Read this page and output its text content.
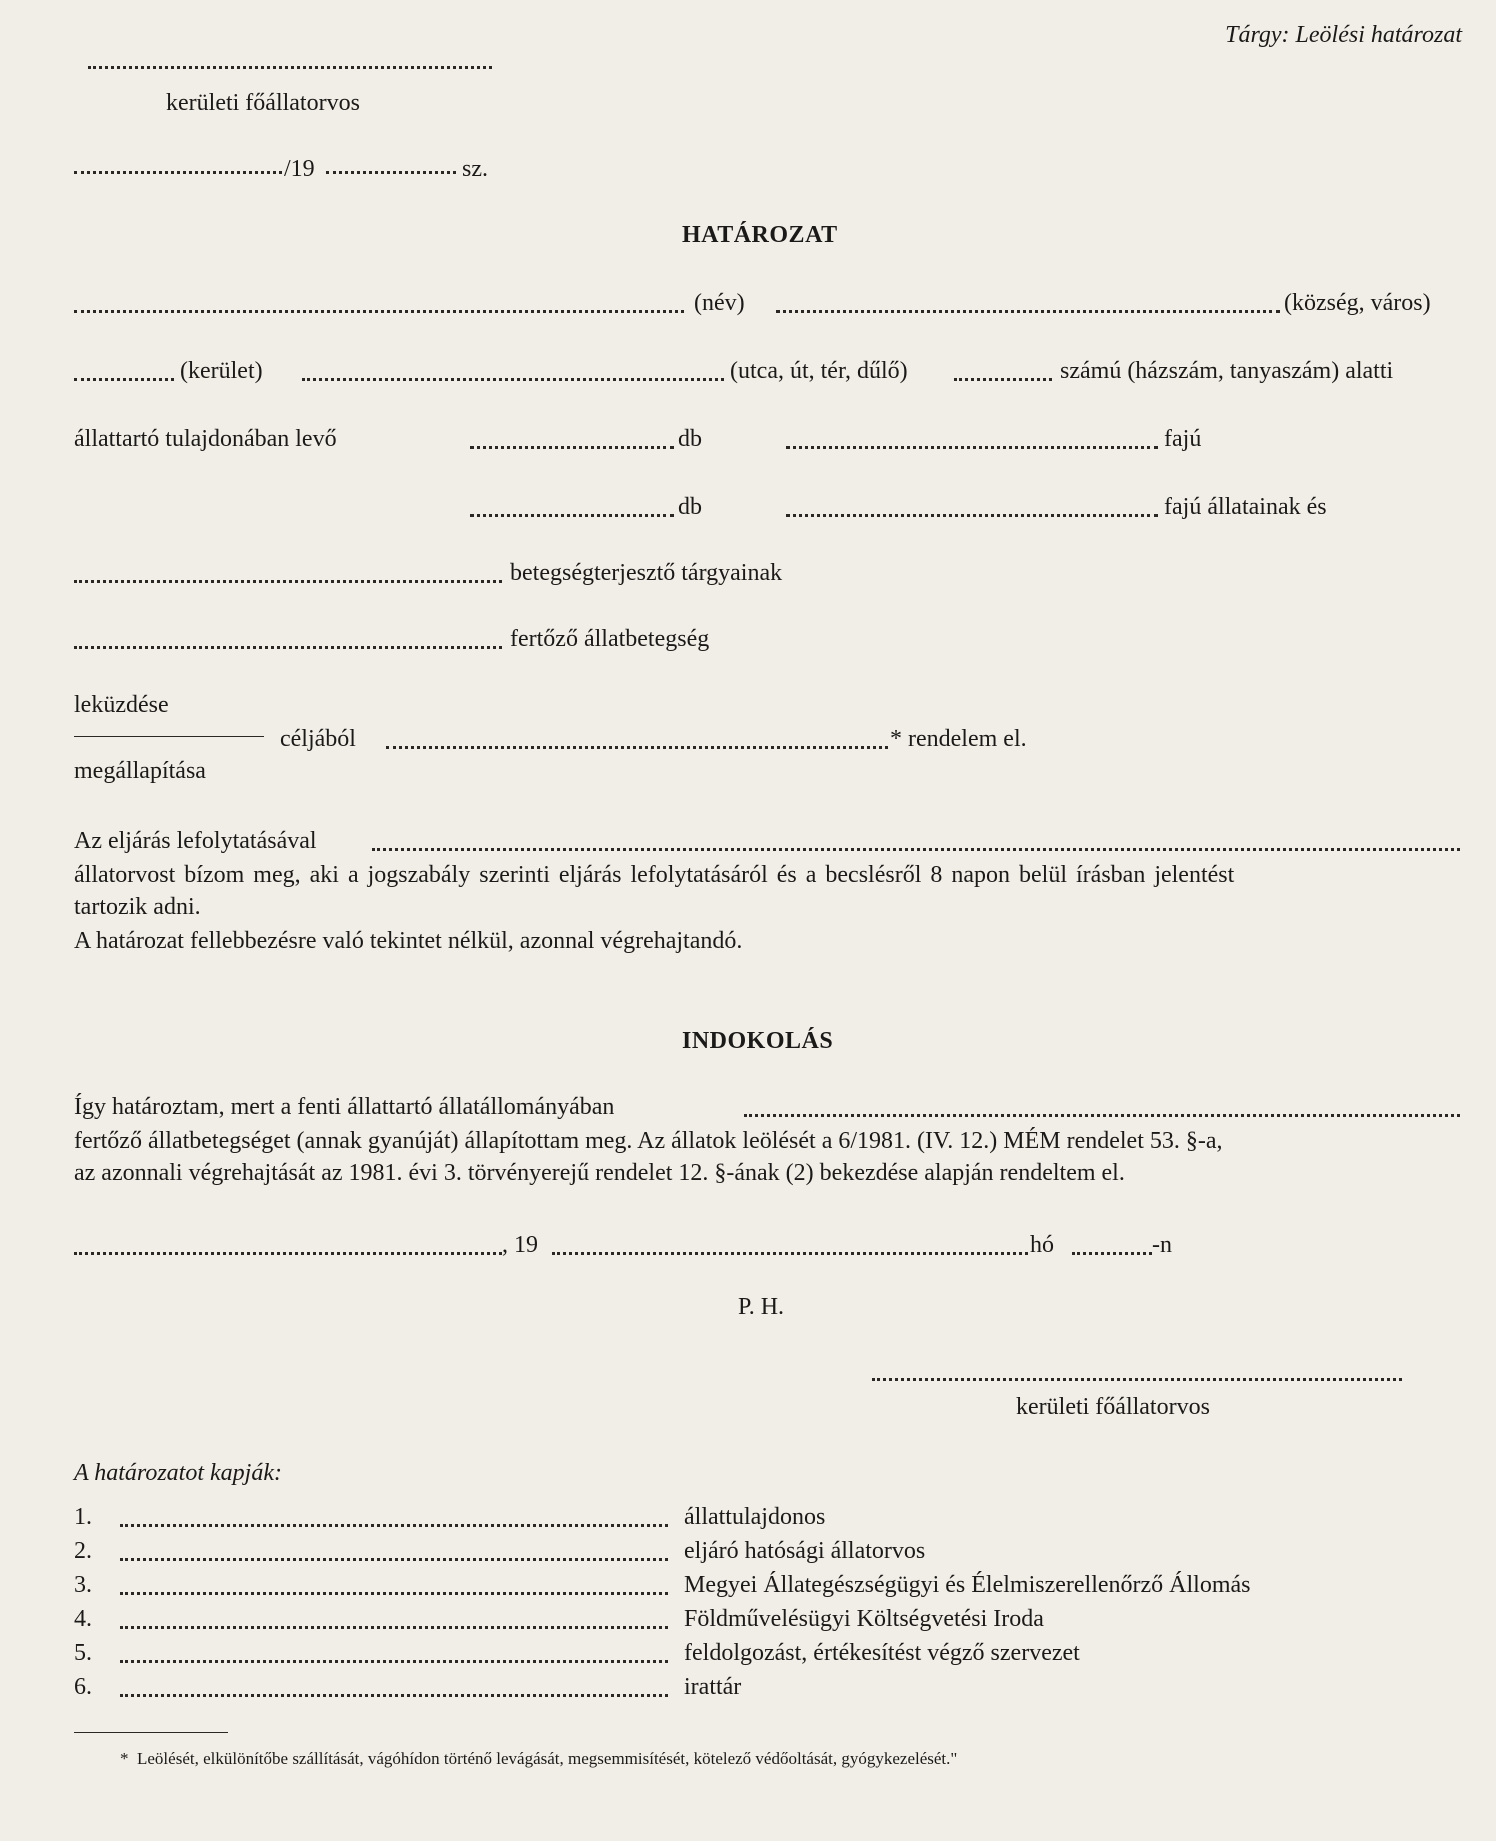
Tárgy: Leölési határozat
kerületi főállatorvos
/19	sz.
HATÁROZAT
(név)	(község, város)
(kerület)	(utca, út, tér, dűlő)	számú (házszám, tanyaszám) alatti
állattartó tulajdonában levő	db	fajú
db	fajú állatainak és
betegségterjesztő tárgyainak
fertőző állatbetegség
leküzdése
megállapítása
céljából	* rendelem el.
Az eljárás lefolytatásával
állatorvost bízom meg, aki a jogszabály szerinti eljárás lefolytatásáról és a becslésről 8 napon belül írásban jelentést
tartozik adni.
A határozat fellebbezésre való tekintet nélkül, azonnal végrehajtandó.
INDOKOLÁS
Így határoztam, mert a fenti állattartó állatállományában
fertőző állatbetegséget (annak gyanúját) állapítottam meg. Az állatok leölését a 6/1981. (IV. 12.) MÉM rendelet 53. §-a,
az azonnali végrehajtását az 1981. évi 3. törvényerejű rendelet 12. §-ának (2) bekezdése alapján rendeltem el.
, 19	hó	-n
P. H.
kerületi főállatorvos
A határozatot kapják:
1.	állattulajdonos
2.	eljáró hatósági állatorvos
3.	Megyei Állategészségügyi és Élelmiszerellenőrző Állomás
4.	Földművelésügyi Költségvetési Iroda
5.	feldolgozást, értékesítést végző szervezet
6.	irattár
*  Leölését, elkülönítőbe szállítását, vágóhídon történő levágását, megsemmisítését, kötelező védőoltását, gyógykezelését."
